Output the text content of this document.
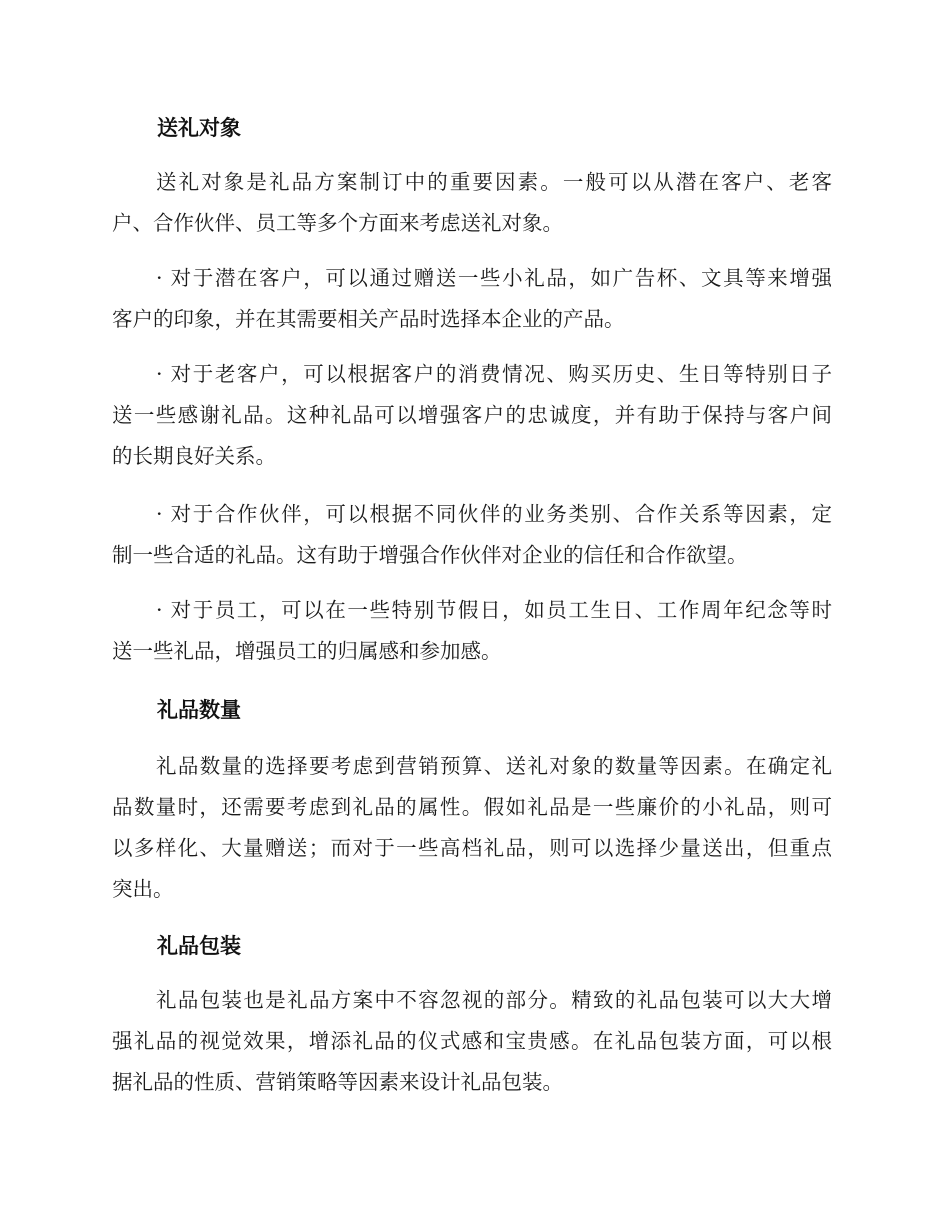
送礼对象
送礼对象是礼品方案制订中的重要因素。一般可以从潜在客户、老客
户、合作伙伴、员工等多个方面来考虑送礼对象。
· 对于潜在客户，可以通过赠送一些小礼品，如广告杯、文具等来增强
客户的印象，并在其需要相关产品时选择本企业的产品。
· 对于老客户，可以根据客户的消费情况、购买历史、生日等特别日子
送一些感谢礼品。这种礼品可以增强客户的忠诚度，并有助于保持与客户间
的长期良好关系。
· 对于合作伙伴，可以根据不同伙伴的业务类别、合作关系等因素，定
制一些合适的礼品。这有助于增强合作伙伴对企业的信任和合作欲望。
· 对于员工，可以在一些特别节假日，如员工生日、工作周年纪念等时
送一些礼品，增强员工的归属感和参加感。
礼品数量
礼品数量的选择要考虑到营销预算、送礼对象的数量等因素。在确定礼
品数量时，还需要考虑到礼品的属性。假如礼品是一些廉价的小礼品，则可
以多样化、大量赠送；而对于一些高档礼品，则可以选择少量送出，但重点
突出。
礼品包装
礼品包装也是礼品方案中不容忽视的部分。精致的礼品包装可以大大增
强礼品的视觉效果，增添礼品的仪式感和宝贵感。在礼品包装方面，可以根
据礼品的性质、营销策略等因素来设计礼品包装。
